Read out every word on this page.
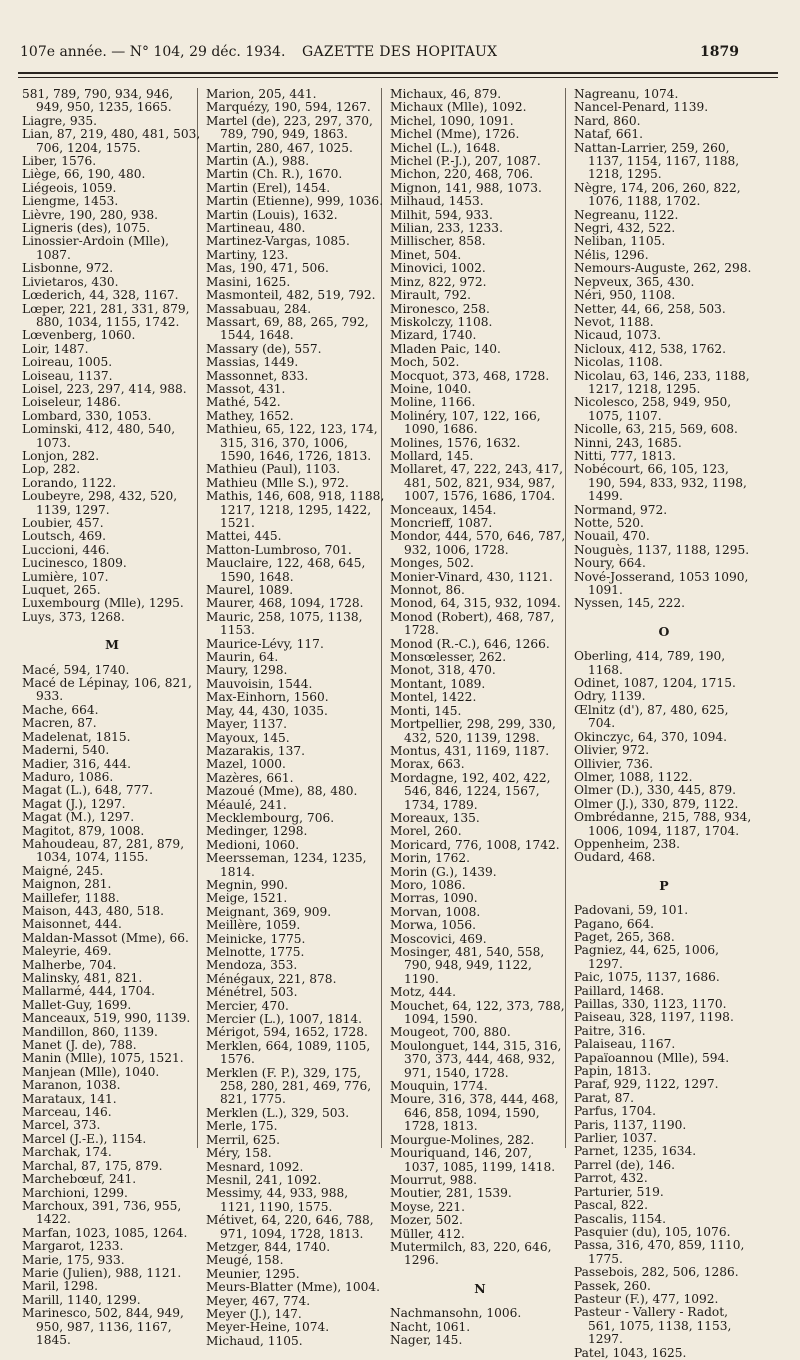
107e année. — N° 104, 29 déc. 1934. GAZETTE DES HOPITAUX	1879
581, 789, 790, 934, 946, 949, 950, 1235, 1665.
Liagre, 935.
Lian, 87, 219, 480, 481, 503, 706, 1204, 1575.
Liber, 1576.
Liège, 66, 190, 480.
Liégeois, 1059.
Liengme, 1453.
Lièvre, 190, 280, 938.
Ligneris (des), 1075.
Linossier-Ardoin (Mlle), 1087.
Lisbonne, 972.
Livietaros, 430.
Lœderich, 44, 328, 1167.
Lœper, 221, 281, 331, 879, 880, 1034, 1155, 1742.
Lœvenberg, 1060.
Loir, 1487.
Loireau, 1005.
Loiseau, 1137.
Loisel, 223, 297, 414, 988.
Loiseleur, 1486.
Lombard, 330, 1053.
Lominski, 412, 480, 540, 1073.
Lonjon, 282.
Lop, 282.
Lorando, 1122.
Loubeyre, 298, 432, 520, 1139, 1297.
Loubier, 457.
Loutsch, 469.
Luccioni, 446.
Lucinesco, 1809.
Lumière, 107.
Luquet, 265.
Luxembourg (Mlle), 1295.
Luys, 373, 1268.
M
Macé, 594, 1740.
Macé de Lépinay, 106, 821, 933.
Mache, 664.
Macren, 87.
Madelenat, 1815.
Maderni, 540.
Madier, 316, 444.
Maduro, 1086.
Magat (L.), 648, 777.
Magat (J.), 1297.
Magat (M.), 1297.
Magitot, 879, 1008.
Mahoudeau, 87, 281, 879, 1034, 1074, 1155.
Maigné, 245.
Maignon, 281.
Maillefer, 1188.
Maison, 443, 480, 518.
Maisonnet, 444.
Maldan-Massot (Mme), 66.
Maleyrie, 469.
Malherbe, 704.
Malinsky, 481, 821.
Mallarmé, 444, 1704.
Mallet-Guy, 1699.
Manceaux, 519, 990, 1139.
Mandillon, 860, 1139.
Manet (J. de), 788.
Manin (Mlle), 1075, 1521.
Manjean (Mlle), 1040.
Maranon, 1038.
Marataux, 141.
Marceau, 146.
Marcel, 373.
Marcel (J.-E.), 1154.
Marchak, 174.
Marchal, 87, 175, 879.
Marchebœuf, 241.
Marchioni, 1299.
Marchoux, 391, 736, 955, 1422.
Marfan, 1023, 1085, 1264.
Margarot, 1233.
Marie, 175, 933.
Marie (Julien), 988, 1121.
Maril, 1298.
Marill, 1140, 1299.
Marinesco, 502, 844, 949, 950, 987, 1136, 1167, 1845.
Marion, 205, 441.
Marquézy, 190, 594, 1267.
Martel (de), 223, 297, 370, 789, 790, 949, 1863.
Martin, 280, 467, 1025.
Martin (A.), 988.
Martin (Ch. R.), 1670.
Martin (Erel), 1454.
Martin (Etienne), 999, 1036.
Martin (Louis), 1632.
Martineau, 480.
Martinez-Vargas, 1085.
Martiny, 123.
Mas, 190, 471, 506.
Masini, 1625.
Masmonteil, 482, 519, 792.
Massabuau, 284.
Massart, 69, 88, 265, 792, 1544, 1648.
Massary (de), 557.
Massias, 1449.
Massonnet, 833.
Massot, 431.
Mathé, 542.
Mathey, 1652.
Mathieu, 65, 122, 123, 174, 315, 316, 370, 1006, 1590, 1646, 1726, 1813.
Mathieu (Paul), 1103.
Mathieu (Mlle S.), 972.
Mathis, 146, 608, 918, 1188, 1217, 1218, 1295, 1422, 1521.
Mattei, 445.
Matton-Lumbroso, 701.
Mauclaire, 122, 468, 645, 1590, 1648.
Maurel, 1089.
Maurer, 468, 1094, 1728.
Mauric, 258, 1075, 1138, 1153.
Maurice-Lévy, 117.
Maurin, 64.
Maury, 1298.
Mauvoisin, 1544.
Max-Einhorn, 1560.
May, 44, 430, 1035.
Mayer, 1137.
Mayoux, 145.
Mazarakis, 137.
Mazel, 1000.
Mazères, 661.
Mazoué (Mme), 88, 480.
Méaulé, 241.
Mecklembourg, 706.
Medinger, 1298.
Medioni, 1060.
Meersseman, 1234, 1235, 1814.
Megnin, 990.
Meige, 1521.
Meignant, 369, 909.
Meillère, 1059.
Meinicke, 1775.
Melnotte, 1775.
Mendoza, 353.
Ménégaux, 221, 878.
Ménétrel, 503.
Mercier, 470.
Mercier (L.), 1007, 1814.
Mérigot, 594, 1652, 1728.
Merklen, 664, 1089, 1105, 1576.
Merklen (F. P.), 329, 175, 258, 280, 281, 469, 776, 821, 1775.
Merklen (L.), 329, 503.
Merle, 175.
Merril, 625.
Méry, 158.
Mesnard, 1092.
Mesnil, 241, 1092.
Messimy, 44, 933, 988, 1121, 1190, 1575.
Métivet, 64, 220, 646, 788, 971, 1094, 1728, 1813.
Metzger, 844, 1740.
Meugé, 158.
Meunier, 1295.
Meurs-Blatter (Mme), 1004.
Meyer, 467, 774.
Meyer (J.), 147.
Meyer-Heine, 1074.
Michaud, 1105.
Michaux, 46, 879.
Michaux (Mlle), 1092.
Michel, 1090, 1091.
Michel (Mme), 1726.
Michel (L.), 1648.
Michel (P.-J.), 207, 1087.
Michon, 220, 468, 706.
Mignon, 141, 988, 1073.
Milhaud, 1453.
Milhit, 594, 933.
Milian, 233, 1233.
Millischer, 858.
Minet, 504.
Minovici, 1002.
Minz, 822, 972.
Mirault, 792.
Mironesco, 258.
Miskolczy, 1108.
Mizard, 1740.
Mladen Paic, 140.
Moch, 502.
Mocquot, 373, 468, 1728.
Moine, 1040.
Moline, 1166.
Molinéry, 107, 122, 166, 1090, 1686.
Molines, 1576, 1632.
Mollard, 145.
Mollaret, 47, 222, 243, 417, 481, 502, 821, 934, 987, 1007, 1576, 1686, 1704.
Monceaux, 1454.
Moncrieff, 1087.
Mondor, 444, 570, 646, 787, 932, 1006, 1728.
Monges, 502.
Monier-Vinard, 430, 1121.
Monnot, 86.
Monod, 64, 315, 932, 1094.
Monod (Robert), 468, 787, 1728.
Monod (R.-C.), 646, 1266.
Monsœlesser, 262.
Monot, 318, 470.
Montant, 1089.
Montel, 1422.
Monti, 145.
Mortpellier, 298, 299, 330, 432, 520, 1139, 1298.
Montus, 431, 1169, 1187.
Morax, 663.
Mordagne, 192, 402, 422, 546, 846, 1224, 1567, 1734, 1789.
Moreaux, 135.
Morel, 260.
Moricard, 776, 1008, 1742.
Morin, 1762.
Morin (G.), 1439.
Moro, 1086.
Morras, 1090.
Morvan, 1008.
Morwa, 1056.
Moscovici, 469.
Mosinger, 481, 540, 558, 790, 948, 949, 1122, 1190.
Motz, 444.
Mouchet, 64, 122, 373, 788, 1094, 1590.
Mougeot, 700, 880.
Moulonguet, 144, 315, 316, 370, 373, 444, 468, 932, 971, 1540, 1728.
Mouquin, 1774.
Moure, 316, 378, 444, 468, 646, 858, 1094, 1590, 1728, 1813.
Mourgue-Molines, 282.
Mouriquand, 146, 207, 1037, 1085, 1199, 1418.
Mourrut, 988.
Moutier, 281, 1539.
Moyse, 221.
Mozer, 502.
Müller, 412.
Mutermilch, 83, 220, 646, 1296.
N
Nachmansohn, 1006.
Nacht, 1061.
Nager, 145.
Nagreanu, 1074.
Nancel-Penard, 1139.
Nard, 860.
Nataf, 661.
Nattan-Larrier, 259, 260, 1137, 1154, 1167, 1188, 1218, 1295.
Nègre, 174, 206, 260, 822, 1076, 1188, 1702.
Negreanu, 1122.
Negri, 432, 522.
Neliban, 1105.
Nélis, 1296.
Nemours-Auguste, 262, 298.
Nepveux, 365, 430.
Néri, 950, 1108.
Netter, 44, 66, 258, 503.
Nevot, 1188.
Nicaud, 1073.
Nicloux, 412, 538, 1762.
Nicolas, 1108.
Nicolau, 63, 146, 233, 1188, 1217, 1218, 1295.
Nicolesco, 258, 949, 950, 1075, 1107.
Nicolle, 63, 215, 569, 608.
Ninni, 243, 1685.
Nitti, 777, 1813.
Nobécourt, 66, 105, 123, 190, 594, 833, 932, 1198, 1499.
Normand, 972.
Notte, 520.
Nouail, 470.
Nouguès, 1137, 1188, 1295.
Noury, 664.
Nové-Josserand, 1053 1090, 1091.
Nyssen, 145, 222.
O
Oberling, 414, 789, 190, 1168.
Odinet, 1087, 1204, 1715.
Odry, 1139.
Œlnitz (d'), 87, 480, 625, 704.
Okinczyc, 64, 370, 1094.
Olivier, 972.
Ollivier, 736.
Olmer, 1088, 1122.
Olmer (D.), 330, 445, 879.
Olmer (J.), 330, 879, 1122.
Ombrédanne, 215, 788, 934, 1006, 1094, 1187, 1704.
Oppenheim, 238.
Oudard, 468.
P
Padovani, 59, 101.
Pagano, 664.
Paget, 265, 368.
Pagniez, 44, 625, 1006, 1297.
Paic, 1075, 1137, 1686.
Paillard, 1468.
Paillas, 330, 1123, 1170.
Paiseau, 328, 1197, 1198.
Paitre, 316.
Palaiseau, 1167.
Papaïoannou (Mlle), 594.
Papin, 1813.
Paraf, 929, 1122, 1297.
Parat, 87.
Parfus, 1704.
Paris, 1137, 1190.
Parlier, 1037.
Parnet, 1235, 1634.
Parrel (de), 146.
Parrot, 432.
Parturier, 519.
Pascal, 822.
Pascalis, 1154.
Pasquier (du), 105, 1076.
Passa, 316, 470, 859, 1110, 1775.
Passebois, 282, 506, 1286.
Passek, 260.
Pasteur (F.), 477, 1092.
Pasteur - Vallery - Radot, 561, 1075, 1138, 1153, 1297.
Patel, 1043, 1625.
